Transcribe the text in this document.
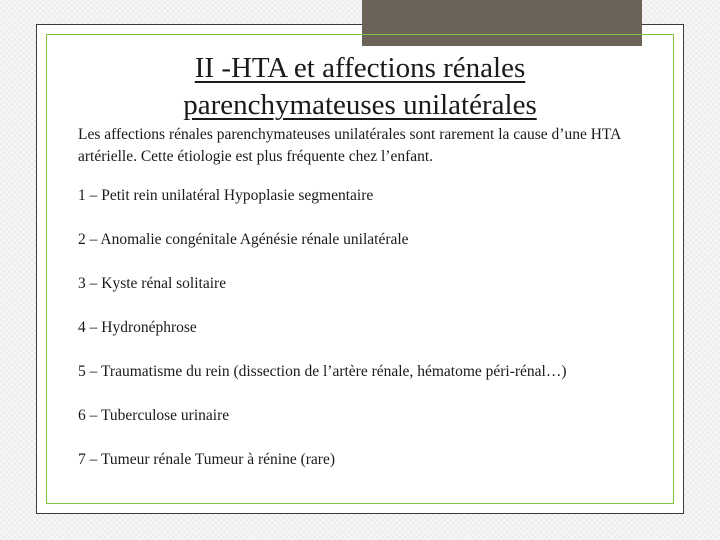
II -HTA et affections rénales
parenchymateuses unilatérales

Les affections rénales parenchymateuses unilatérales sont rarement la cause d’une HTA artérielle. Cette étiologie est plus fréquente chez l’enfant.

1 – Petit rein unilatéral Hypoplasie segmentaire

2 – Anomalie congénitale Agénésie rénale unilatérale

3 – Kyste rénal solitaire

4 – Hydronéphrose

5 – Traumatisme du rein (dissection de l’artère rénale, hématome péri-rénal…)

6 – Tuberculose urinaire

7 – Tumeur rénale Tumeur à rénine (rare)
